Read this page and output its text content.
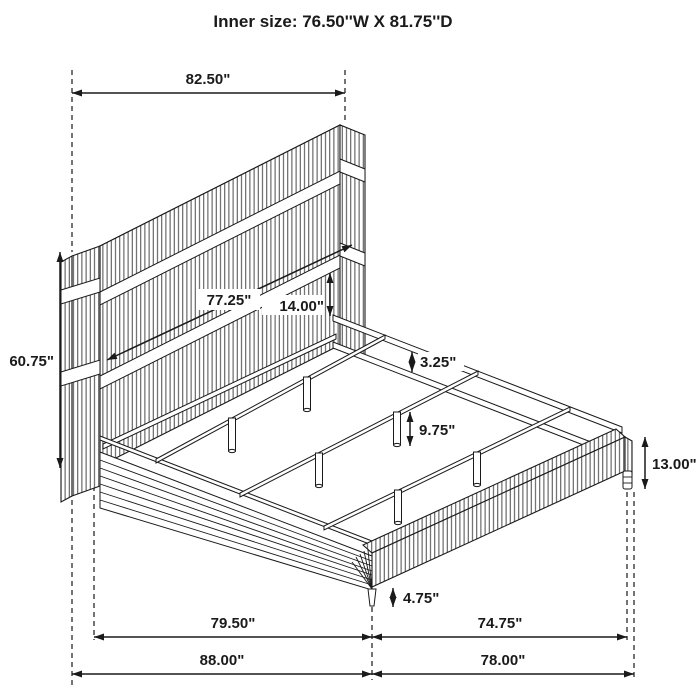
82.50"
60.75"
77.25" 14.00"
3.25"
9.75"
13.00"
4.75"
79.50"	74.75"
88.00"	78.00"
Inner size: 76.50''W X 81.75''D
